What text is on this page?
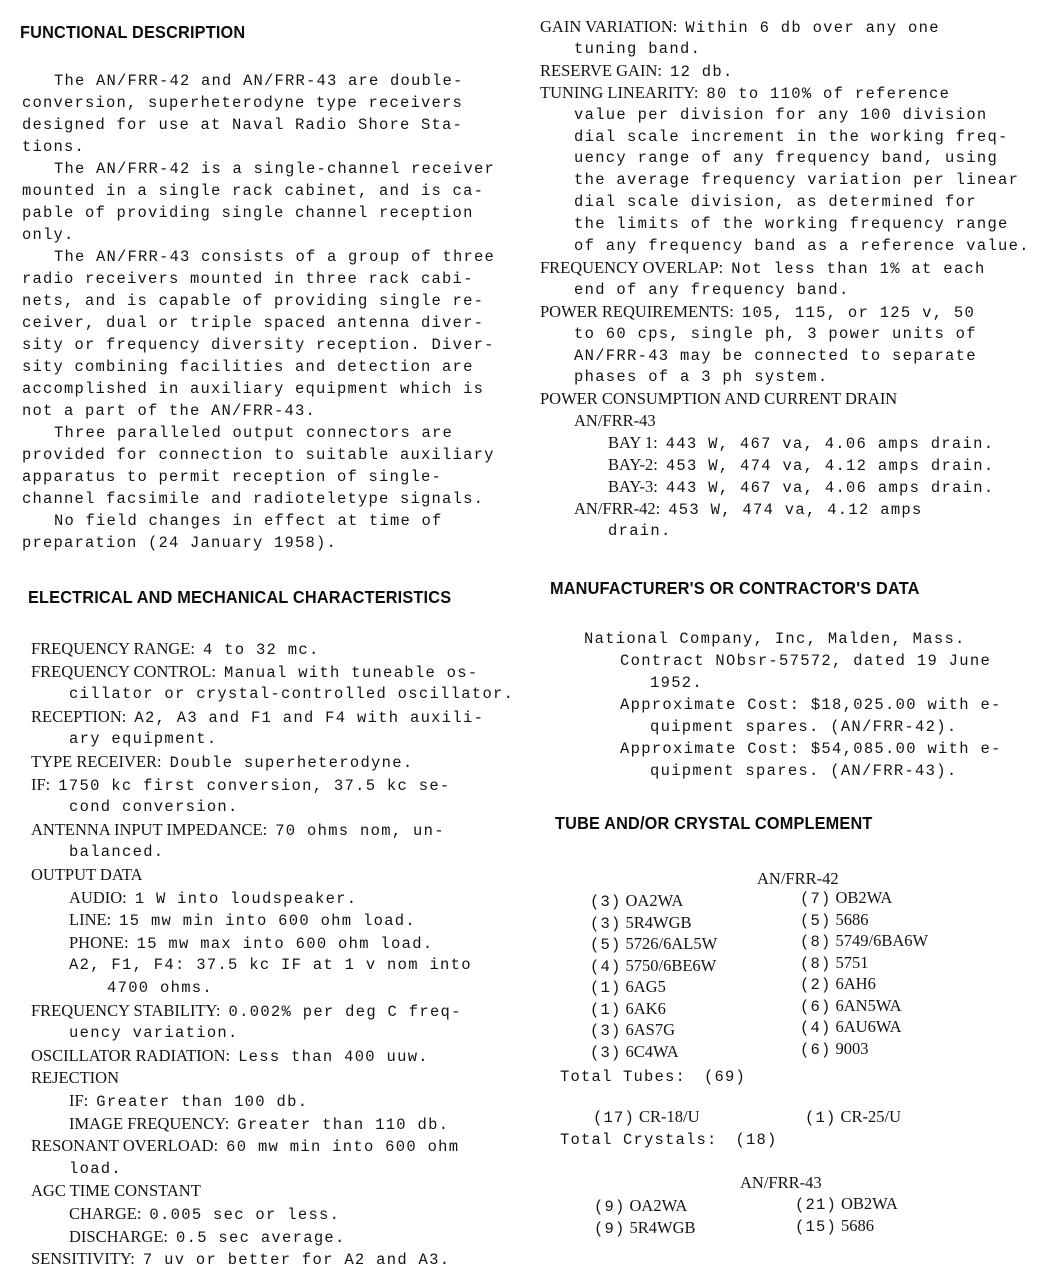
FUNCTIONAL DESCRIPTION
The AN/FRR-42 and AN/FRR-43 are double-
conversion, superheterodyne type receivers
designed for use at Naval Radio Shore Sta-
tions.
The AN/FRR-42 is a single-channel receiver
mounted in a single rack cabinet, and is ca-
pable of providing single channel reception
only.
The AN/FRR-43 consists of a group of three
radio receivers mounted in three rack cabi-
nets, and is capable of providing single re-
ceiver, dual or triple spaced antenna diver-
sity or frequency diversity reception. Diver-
sity combining facilities and detection are
accomplished in auxiliary equipment which is
not a part of the AN/FRR-43.
Three paralleled output connectors are
provided for connection to suitable auxiliary
apparatus to permit reception of single-
channel facsimile and radioteletype signals.
No field changes in effect at time of
preparation (24 January 1958).
ELECTRICAL AND MECHANICAL CHARACTERISTICS
FREQUENCY RANGE: 4 to 32 mc.
FREQUENCY CONTROL: Manual with tuneable os-
cillator or crystal-controlled oscillator.
RECEPTION: A2, A3 and F1 and F4 with auxili-
ary equipment.
TYPE RECEIVER: Double superheterodyne.
IF: 1750 kc first conversion, 37.5 kc se-
cond conversion.
ANTENNA INPUT IMPEDANCE: 70 ohms nom, un-
balanced.
OUTPUT DATA
AUDIO: 1 W into loudspeaker.
LINE: 15 mw min into 600 ohm load.
PHONE: 15 mw max into 600 ohm load.
A2, F1, F4: 37.5 kc IF at 1 v nom into
4700 ohms.
FREQUENCY STABILITY: 0.002% per deg C freq-
uency variation.
OSCILLATOR RADIATION: Less than 400 uuw.
REJECTION
IF: Greater than 100 db.
IMAGE FREQUENCY: Greater than 110 db.
RESONANT OVERLOAD: 60 mw min into 600 ohm
load.
AGC TIME CONSTANT
CHARGE: 0.005 sec or less.
DISCHARGE: 0.5 sec average.
SENSITIVITY: 7 uv or better for A2 and A3.
GAIN VARIATION: Within 6 db over any one
tuning band.
RESERVE GAIN: 12 db.
TUNING LINEARITY: 80 to 110% of reference
value per division for any 100 division
dial scale increment in the working freq-
uency range of any frequency band, using
the average frequency variation per linear
dial scale division, as determined for
the limits of the working frequency range
of any frequency band as a reference value.
FREQUENCY OVERLAP: Not less than 1% at each
end of any frequency band.
POWER REQUIREMENTS: 105, 115, or 125 v, 50
to 60 cps, single ph, 3 power units of
AN/FRR-43 may be connected to separate
phases of a 3 ph system.
POWER CONSUMPTION AND CURRENT DRAIN
AN/FRR-43
BAY 1: 443 W, 467 va, 4.06 amps drain.
BAY-2: 453 W, 474 va, 4.12 amps drain.
BAY-3: 443 W, 467 va, 4.06 amps drain.
AN/FRR-42: 453 W, 474 va, 4.12 amps
drain.
MANUFACTURER'S OR CONTRACTOR'S DATA
National Company, Inc, Malden, Mass.
Contract NObsr-57572, dated 19 June
1952.
Approximate Cost: $18,025.00 with e-
quipment spares. (AN/FRR-42).
Approximate Cost: $54,085.00 with e-
quipment spares. (AN/FRR-43).
TUBE AND/OR CRYSTAL COMPLEMENT
AN/FRR-42
(3) OA2WA
(3) 5R4WGB
(5) 5726/6AL5W
(4) 5750/6BE6W
(1) 6AG5
(1) 6AK6
(3) 6AS7G
(3) 6C4WA
(7) OB2WA
(5) 5686
(8) 5749/6BA6W
(8) 5751
(2) 6AH6
(6) 6AN5WA
(4) 6AU6WA
(6) 9003
Total Tubes: (69)
(17) CR-18/U	(1) CR-25/U
Total Crystals: (18)
AN/FRR-43
(9) OA2WA
(9) 5R4WGB
(21) OB2WA
(15) 5686
